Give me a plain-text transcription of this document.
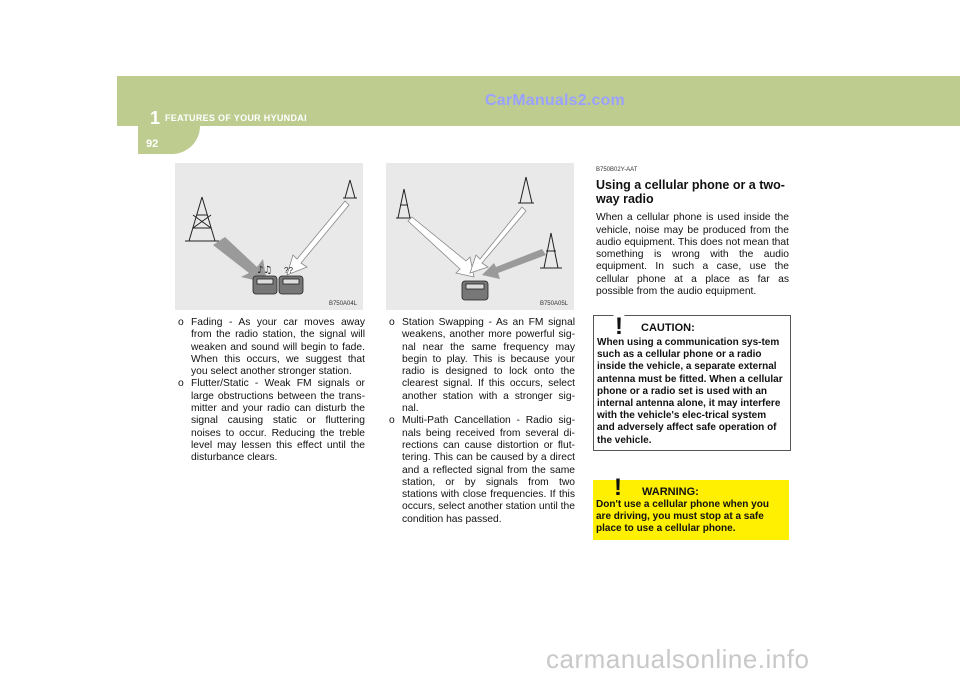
1 FEATURES OF YOUR HYUNDAI
92
CarManuals2.com
♪♫ ??
B750A04L	B750A05L
o Fading - As your car moves away from the radio station, the signal will weaken and sound will begin to fade. When this occurs, we suggest that you select another stronger station.
o Flutter/Static - Weak FM signals or large obstructions between the trans-mitter and your radio can disturb the signal causing static or fluttering noises to occur. Reducing the treble level may lessen this effect until the disturbance clears.
o Station Swapping - As an FM signal weakens, another more powerful sig-nal near the same frequency may begin to play. This is because your radio is designed to lock onto the clearest signal. If this occurs, select another station with a stronger sig-nal.
o Multi-Path Cancellation - Radio sig-nals being received from several di-rections can cause distortion or flut-tering. This can be caused by a direct and a reflected signal from the same station, or by signals from two stations with close frequencies. If this occurs, select another station until the condition has passed.
B750B02Y-AAT
Using a cellular phone or a two-way radio
When a cellular phone is used inside the vehicle, noise may be produced from the audio equipment. This does not mean that something is wrong with the audio equipment. In such a case, use the cellular phone at a place as far as possible from the audio equipment.
! CAUTION:
When using a communication sys-tem such as a cellular phone or a radio inside the vehicle, a separate external antenna must be fitted. When a cellular phone or a radio set is used with an internal antenna alone, it may interfere with the vehicle's elec-trical system and adversely affect safe operation of the vehicle.
! WARNING:
Don't use a cellular phone when you are driving, you must stop at a safe place to use a cellular phone.
carmanualsonline.info
